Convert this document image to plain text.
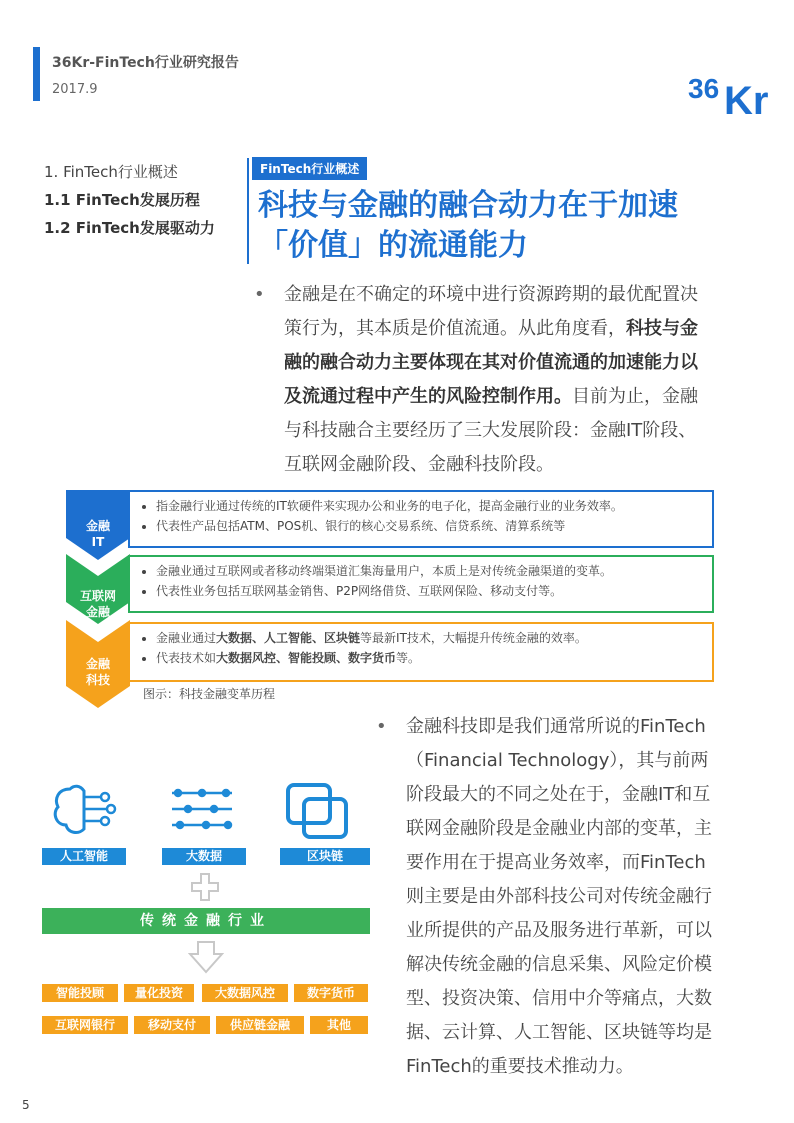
36Kr-FinTech行业研究报告
2017.9	36 Kr
1. FinTech行业概述
1.1 FinTech发展历程
1.2 FinTech发展驱动力
FinTech行业概述
科技与金融的融合动力在于加速
「价值」的流通能力
• 金融是在不确定的环境中进行资源跨期的最优配置决策行为，其本质是价值流通。从此角度看，科技与金融的融合动力主要体现在其对价值流通的加速能力以及流通过程中产生的风险控制作用。目前为止，金融与科技融合主要经历了三大发展阶段：金融IT阶段、互联网金融阶段、金融科技阶段。
金融
IT
互联网
金融
金融
科技
• 指金融行业通过传统的IT软硬件来实现办公和业务的电子化，提高金融行业的业务效率。
• 代表性产品包括ATM、POS机、银行的核心交易系统、信贷系统、清算系统等
• 金融业通过互联网或者移动终端渠道汇集海量用户，本质上是对传统金融渠道的变革。
• 代表性业务包括互联网基金销售、P2P网络借贷、互联网保险、移动支付等。
• 金融业通过大数据、人工智能、区块链等最新IT技术，大幅提升传统金融的效率。
• 代表技术如大数据风控、智能投顾、数字货币等。
图示：科技金融变革历程
• 金融科技即是我们通常所说的FinTech（Financial Technology），其与前两阶段最大的不同之处在于，金融IT和互联网金融阶段是金融业内部的变革，主要作用在于提高业务效率，而FinTech则主要是由外部科技公司对传统金融行业所提供的产品及服务进行革新，可以解决传统金融的信息采集、风险定价模型、投资决策、信用中介等痛点，大数据、云计算、人工智能、区块链等均是FinTech的重要技术推动力。
人工智能	大数据	区块链
传统金融行业
智能投顾	量化投资	大数据风控	数字货币
互联网银行	移动支付	供应链金融	其他
5
